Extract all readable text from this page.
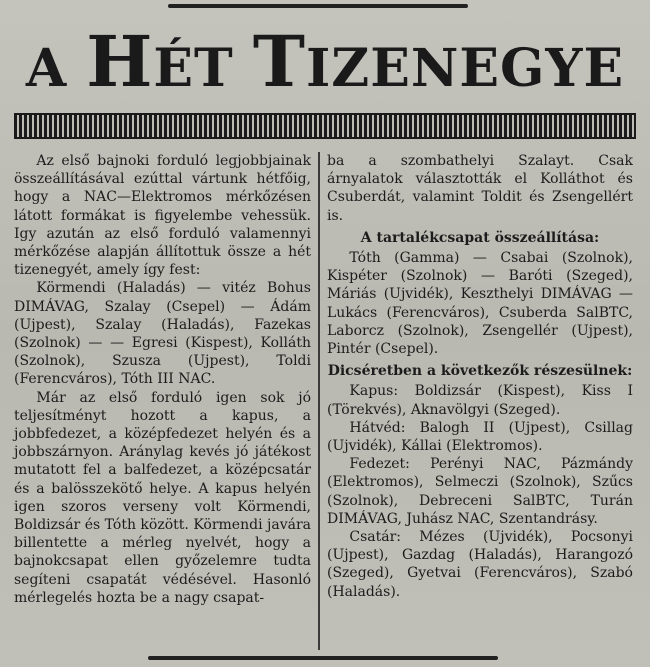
A HÉT TIZENEGYE

Az első bajnoki forduló legjobbjainak összeállításával ezúttal vártunk hétfőig, hogy a NAC—Elektromos mérkőzésen látott formákat is figyelembe vehessük. Igy azután az első forduló valamennyi mérkőzése alapján állítottuk össze a hét tizenegyét, amely így fest:

Körmendi (Haladás) — vitéz Bohus DIMÁVAG, Szalay (Csepel) — Ádám (Ujpest), Szalay (Haladás), Fazekas (Szolnok) — — Egresi (Kispest), Kolláth (Szolnok), Szusza (Ujpest), Toldi (Ferencváros), Tóth III NAC.

Már az első forduló igen sok jó teljesítményt hozott a kapus, a jobbfedezet, a középfedezet helyén és a jobbszárnyon. Aránylag kevés jó játékost mutatott fel a balfedezet, a középcsatár és a balösszekötő helye. A kapus helyén igen szoros verseny volt Körmendi, Boldizsár és Tóth között. Körmendi javára billentette a mérleg nyelvét, hogy a bajnokcsapat ellen győzelemre tudta segíteni csapatát védésével. Hasonló mérlegelés hozta be a nagy csapat-

ba a szombathelyi Szalayt. Csak árnyalatok választották el Kolláthot és Csuberdát, valamint Toldit és Zsengellért is.

A tartalékcsapat összeállítása:

Tóth (Gamma) — Csabai (Szolnok), Kispéter (Szolnok) — Baróti (Szeged), Máriás (Ujvidék), Keszthelyi DIMÁVAG — Lukács (Ferencváros), Csuberda SalBTC, Laborcz (Szolnok), Zsengellér (Ujpest), Pintér (Csepel).

Dicséretben a következők részesülnek:

Kapus: Boldizsár (Kispest), Kiss I (Törekvés), Aknavölgyi (Szeged).

Hátvéd: Balogh II (Ujpest), Csillag (Ujvidék), Kállai (Elektromos).

Fedezet: Perényi NAC, Pázmándy (Elektromos), Selmeczi (Szolnok), Szűcs (Szolnok), Debreceni SalBTC, Turán DIMÁVAG, Juhász NAC, Szentandrásy.

Csatár: Mézes (Ujvidék), Pocsonyi (Ujpest), Gazdag (Haladás), Harangozó (Szeged), Gyetvai (Ferencváros), Szabó (Haladás).
